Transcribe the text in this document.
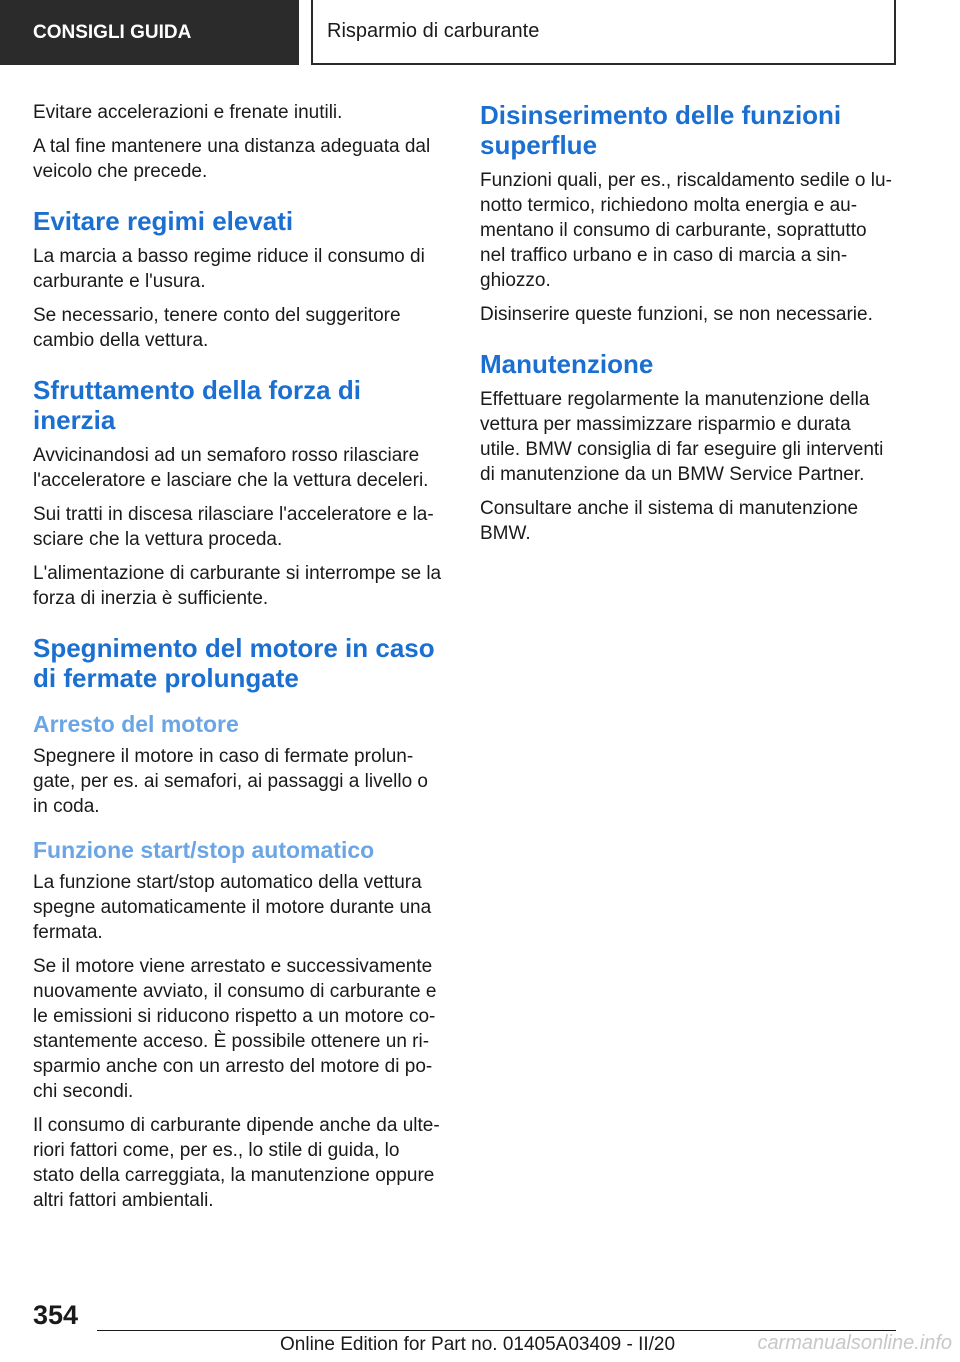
CONSIGLI GUIDA	Risparmio di carburante

Evitare accelerazioni e frenate inutili.

A tal fine mantenere una distanza adeguata dal veicolo che precede.

Evitare regimi elevati

La marcia a basso regime riduce il consumo di carburante e l'usura.

Se necessario, tenere conto del suggeritore cambio della vettura.

Sfruttamento della forza di inerzia

Avvicinandosi ad un semaforo rosso rilasciare l'acceleratore e lasciare che la vettura deceleri.

Sui tratti in discesa rilasciare l'acceleratore e lasciare che la vettura proceda.

L'alimentazione di carburante si interrompe se la forza di inerzia è sufficiente.

Spegnimento del motore in caso di fermate prolungate
Arresto del motore

Spegnere il motore in caso di fermate prolungate, per es. ai semafori, ai passaggi a livello o in coda.

Funzione start/stop automatico

La funzione start/stop automatico della vettura spegne automaticamente il motore durante una fermata.

Se il motore viene arrestato e successivamente nuovamente avviato, il consumo di carburante e le emissioni si riducono rispetto a un motore costantemente acceso. È possibile ottenere un risparmio anche con un arresto del motore di pochi secondi.

Il consumo di carburante dipende anche da ulteriori fattori come, per es., lo stile di guida, lo stato della carreggiata, la manutenzione oppure altri fattori ambientali.

Disinserimento delle funzioni superflue

Funzioni quali, per es., riscaldamento sedile o lunotto termico, richiedono molta energia e aumentano il consumo di carburante, soprattutto nel traffico urbano e in caso di marcia a singhiozzo.

Disinserire queste funzioni, se non necessarie.

Manutenzione

Effettuare regolarmente la manutenzione della vettura per massimizzare risparmio e durata utile. BMW consiglia di far eseguire gli interventi di manutenzione da un BMW Service Partner.

Consultare anche il sistema di manutenzione BMW.

354
Online Edition for Part no. 01405A03409 - II/20	carmanualsonline.info
